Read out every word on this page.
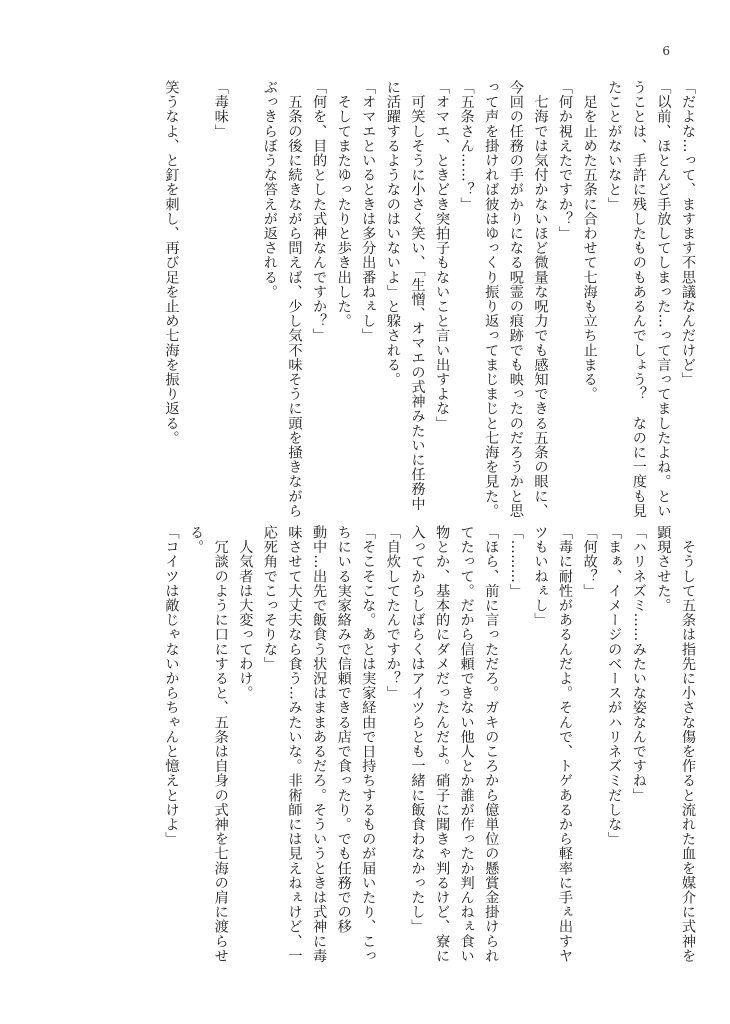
6

「だよな…って、ますます不思議なんだけど」

「以前、ほとんど手放してしまった…って言ってましたよね。とい

うことは、手許に残したものもあるんでしょう？　なのに一度も見

たことがないなと」

　足を止めた五条に合わせて七海も立ち止まる。

「何か視えたですか？」

　七海では気付かないほど微量な呪力でも感知できる五条の眼に、

今回の任務の手がかりになる呪霊の痕跡でも映ったのだろうかと思

って声を掛ければ彼はゆっくり振り返ってまじまじと七海を見た。

「五条さん……？」

「オマエ、ときどき突拍子もないこと言い出すよな」

　可笑しそうに小さく笑い、「生憎、オマエの式神みたいに任務中

に活躍するようなのはいないよ」と躱される。

「オマエといるときは多分出番ねぇし」

　そしてまたゆったりと歩き出した。

「何を、目的とした式神なんですか？」

　五条の後に続きながら問えば、少し気不味そうに頭を掻きながら

ぶっきらぼうな答えが返される。

「毒味」

笑うなよ、と釘を刺し、再び足を止め七海を振り返る。

　そうして五条は指先に小さな傷を作ると流れた血を媒介に式神を

顕現させた。

「ハリネズミ……みたいな姿なんですね」

「まぁ、イメージのベースがハリネズミだしな」

「何故？」

「毒に耐性があるんだよ。そんで、トゲあるから軽率に手ぇ出すヤ

ツもいねぇし」

「………」

「ほら、前に言っただろ。ガキのころから億単位の懸賞金掛けられ

てたって。だから信頼できない他人とか誰が作ったか判んねぇ食い

物とか、基本的にダメだったんだよ。硝子に聞きゃ判るけど、寮に

入ってからしばらくはアイツらとも一緒に飯食わなかったし」

「自炊してたんですか？」

「そこそこな。あとは実家経由で日持ちするものが届いたり、こっ

ちにいる実家絡みで信頼できる店で食ったり。でも任務での移

動中…出先で飯食う状況はままあるだろ。そういうときは式神に毒

味させて大丈夫なら食う…みたいな。非術師には見えねぇけど、一

応死角でこっそりな」

　人気者は大変ってわけ。

　冗談のように口にすると、五条は自身の式神を七海の肩に渡らせ

る。

「コイツは敵じゃないからちゃんと憶えとけよ」
